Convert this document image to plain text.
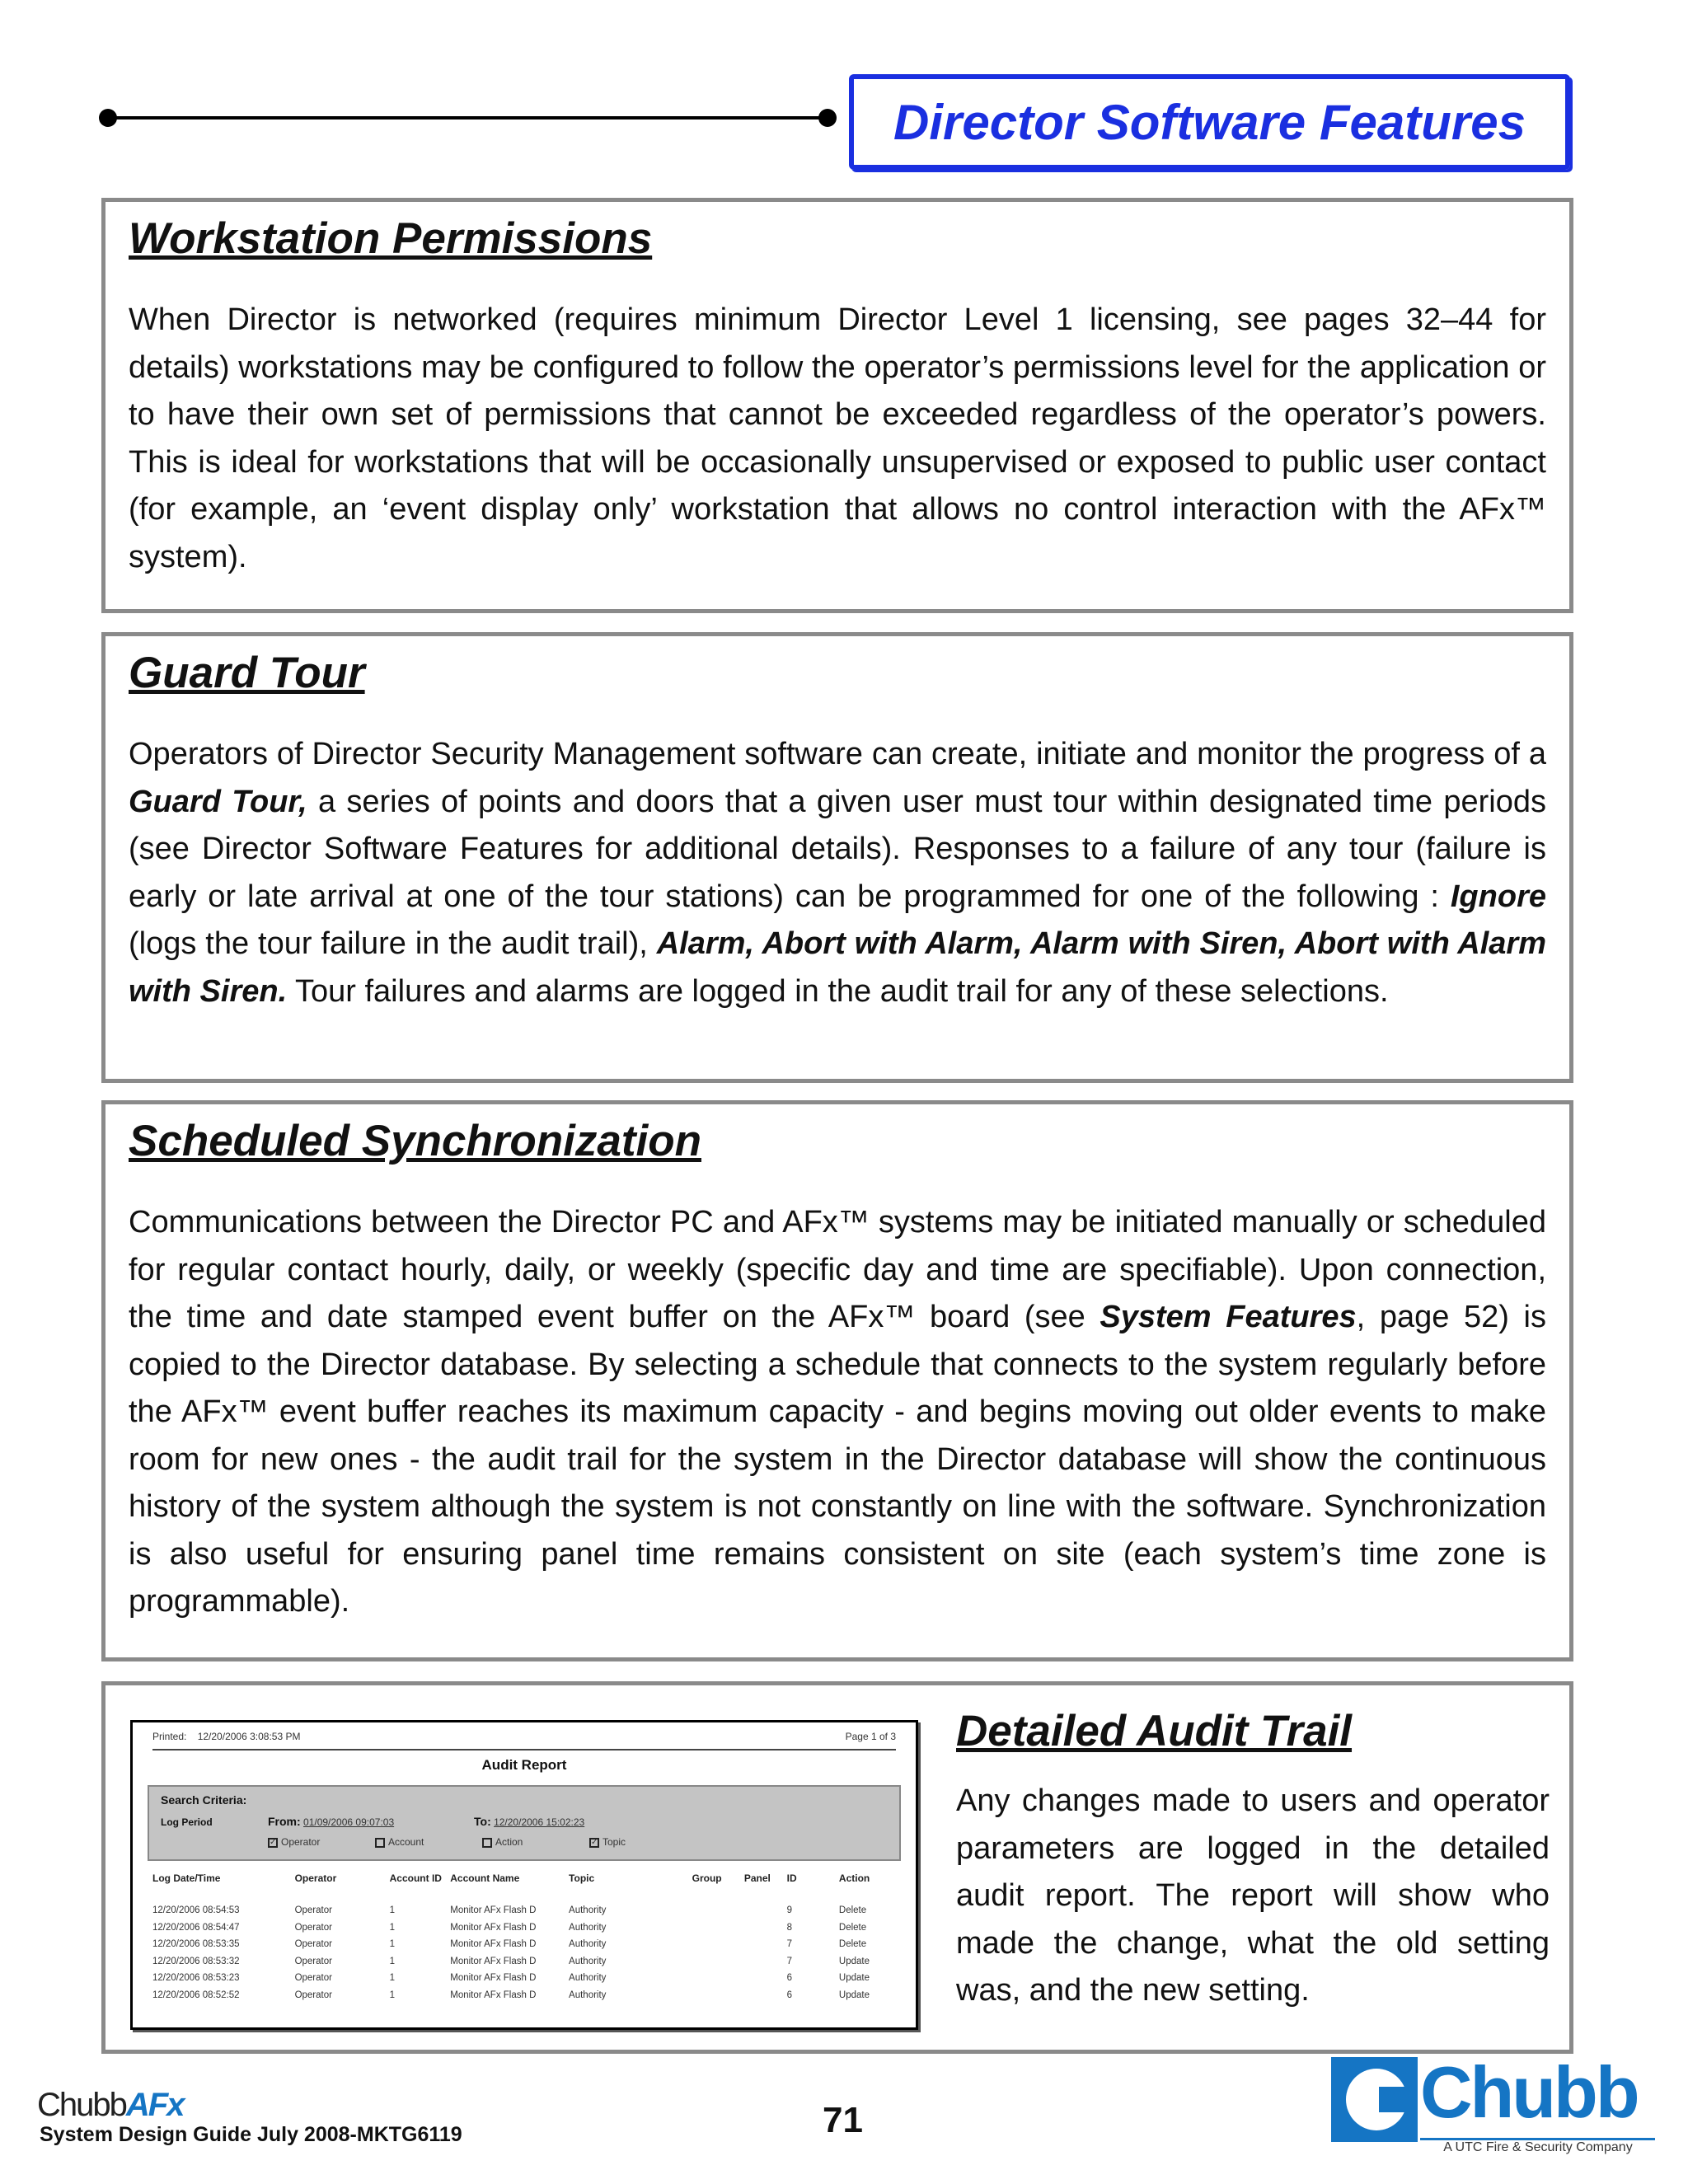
Director Software Features
Workstation Permissions

When Director is networked (requires minimum Director Level 1 licensing, see pages 32–44 for details) workstations may be configured to follow the operator’s permissions level for the application or to have their own set of permissions that cannot be exceeded regardless of the operator’s powers. This is ideal for workstations that will be occasionally unsupervised or exposed to public user contact (for example, an ‘event display only’ workstation that allows no control interaction with the AFx™ system).

Guard Tour

Operators of Director Security Management software can create, initiate and monitor the progress of a Guard Tour, a series of points and doors that a given user must tour within designated time periods (see Director Software Features for additional details). Responses to a failure of any tour (failure is early or late arrival at one of the tour stations) can be programmed for one of the following : Ignore (logs the tour failure in the audit trail), Alarm, Abort with Alarm, Alarm with Siren, Abort with Alarm with Siren. Tour failures and alarms are logged in the audit trail for any of these selections.

Scheduled Synchronization

Communications between the Director PC and AFx™ systems may be initiated manually or scheduled for regular contact hourly, daily, or weekly (specific day and time are specifiable). Upon connection, the time and date stamped event buffer on the AFx™ board (see System Features, page 52) is copied to the Director database. By selecting a schedule that connects to the system regularly before the AFx™ event buffer reaches its maximum capacity - and begins moving out older events to make room for new ones - the audit trail for the system in the Director database will show the continuous history of the system although the system is not constantly on line with the software. Synchronization is also useful for ensuring panel time remains consistent on site (each system’s time zone is programmable).

Printed: 12/20/2006 3:08:53 PM	Page 1 of 3
Audit Report
Search Criteria:
Log Period	From: 01/09/2006 09:07:03	To: 12/20/2006 15:02:23
✓ Operator	Account	Action	✓ Topic
Log Date/Time	Operator	Account ID	Account Name	Topic	Group	Panel	ID	Action
12/20/2006 08:54:53	Operator	1	Monitor AFx Flash D	Authority			9	Delete
12/20/2006 08:54:47	Operator	1	Monitor AFx Flash D	Authority			8	Delete
12/20/2006 08:53:35	Operator	1	Monitor AFx Flash D	Authority			7	Delete
12/20/2006 08:53:32	Operator	1	Monitor AFx Flash D	Authority			7	Update
12/20/2006 08:53:23	Operator	1	Monitor AFx Flash D	Authority			6	Update
12/20/2006 08:52:52	Operator	1	Monitor AFx Flash D	Authority			6	Update
Detailed Audit Trail

Any changes made to users and operator parameters are logged in the detailed audit report. The report will show who made the change, what the old setting was, and the new setting.

ChubbAFx
System Design Guide July 2008-MKTG6119	71	Chubb
A UTC Fire & Security Company
